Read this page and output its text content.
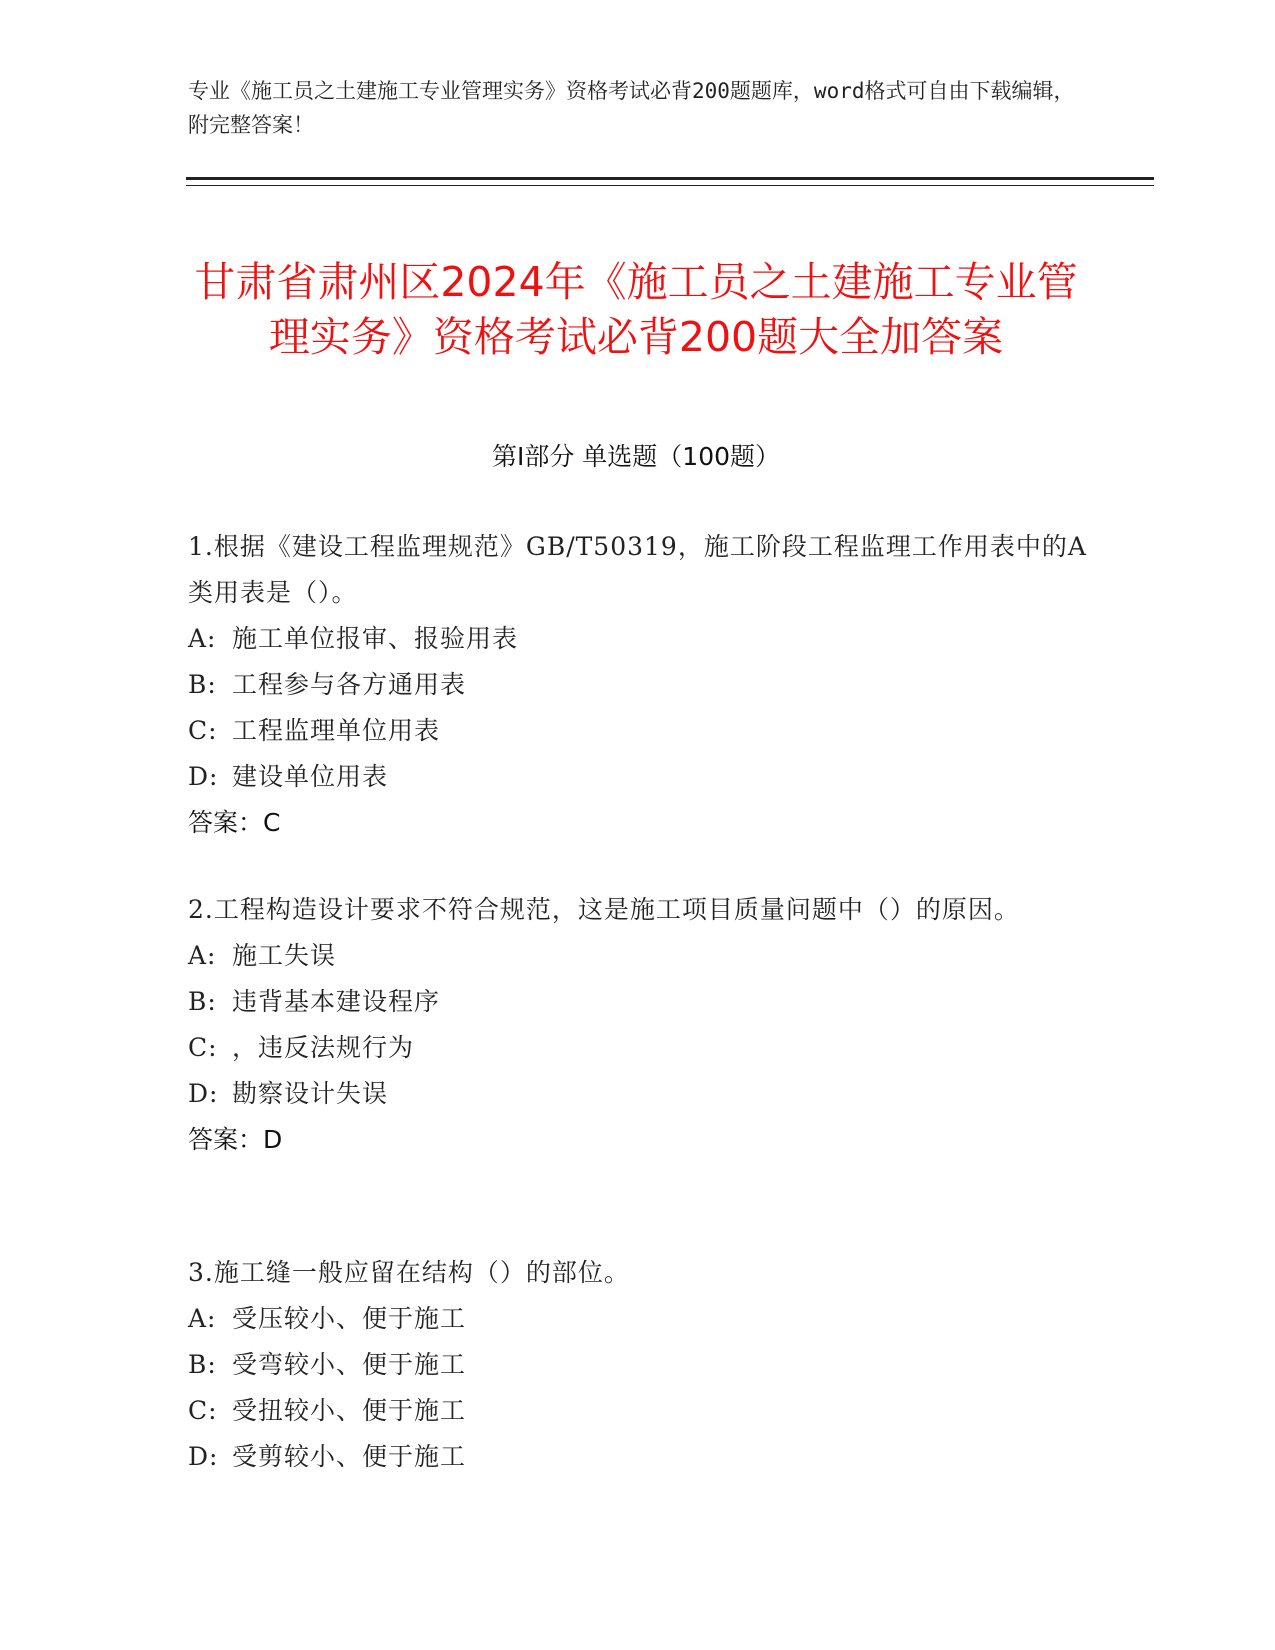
专业《施工员之土建施工专业管理实务》资格考试必背200题题库，word格式可自由下载编辑，附完整答案！
甘肃省肃州区2024年《施工员之土建施工专业管理实务》资格考试必背200题大全加答案
第I部分 单选题（100题）
1.根据《建设工程监理规范》GB/T50319，施工阶段工程监理工作用表中的A类用表是（）。
A: 施工单位报审、报验用表
B: 工程参与各方通用表
C: 工程监理单位用表
D: 建设单位用表
答案：C
2.工程构造设计要求不符合规范，这是施工项目质量问题中（）的原因。
A: 施工失误
B: 违背基本建设程序
C: ，违反法规行为
D: 勘察设计失误
答案：D
3.施工缝一般应留在结构（）的部位。
A: 受压较小、便于施工
B: 受弯较小、便于施工
C: 受扭较小、便于施工
D: 受剪较小、便于施工
